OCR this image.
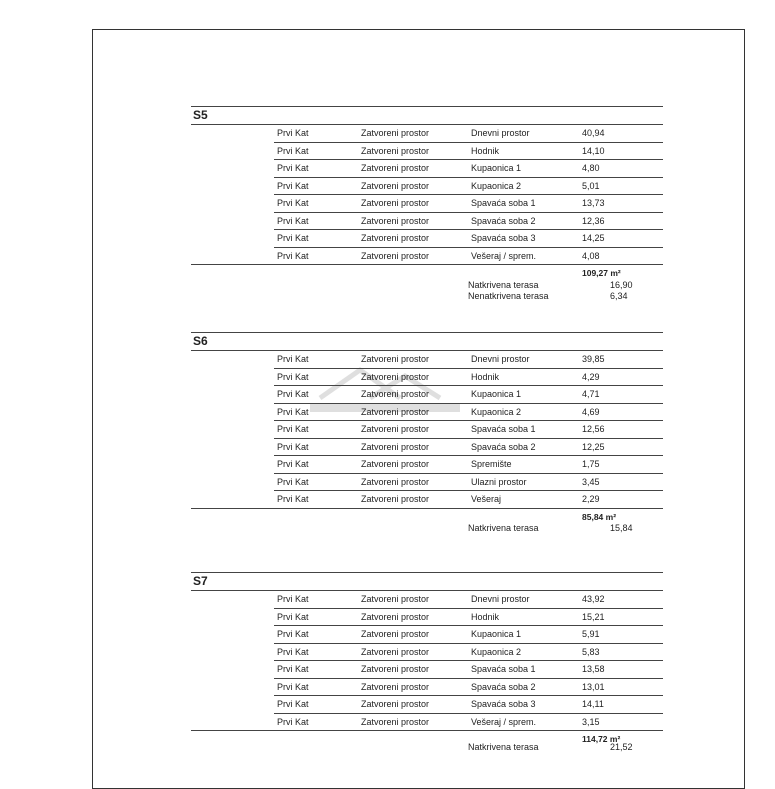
S5
Prvi Kat	Zatvoreni prostor	Dnevni prostor	40,94
Prvi Kat	Zatvoreni prostor	Hodnik	14,10
Prvi Kat	Zatvoreni prostor	Kupaonica 1	4,80
Prvi Kat	Zatvoreni prostor	Kupaonica 2	5,01
Prvi Kat	Zatvoreni prostor	Spavaća soba 1	13,73
Prvi Kat	Zatvoreni prostor	Spavaća soba 2	12,36
Prvi Kat	Zatvoreni prostor	Spavaća soba 3	14,25
Prvi Kat	Zatvoreni prostor	Vešeraj / sprem.	4,08
109,27 m²
Natkrivena terasa	16,90
Nenatkrivena terasa	6,34
S6
Prvi Kat	Zatvoreni prostor	Dnevni prostor	39,85
Prvi Kat	Zatvoreni prostor	Hodnik	4,29
Prvi Kat	Zatvoreni prostor	Kupaonica 1	4,71
Prvi Kat	Zatvoreni prostor	Kupaonica 2	4,69
Prvi Kat	Zatvoreni prostor	Spavaća soba 1	12,56
Prvi Kat	Zatvoreni prostor	Spavaća soba 2	12,25
Prvi Kat	Zatvoreni prostor	Spremište	1,75
Prvi Kat	Zatvoreni prostor	Ulazni prostor	3,45
Prvi Kat	Zatvoreni prostor	Vešeraj	2,29
85,84 m²
Natkrivena terasa	15,84
S7
Prvi Kat	Zatvoreni prostor	Dnevni prostor	43,92
Prvi Kat	Zatvoreni prostor	Hodnik	15,21
Prvi Kat	Zatvoreni prostor	Kupaonica 1	5,91
Prvi Kat	Zatvoreni prostor	Kupaonica 2	5,83
Prvi Kat	Zatvoreni prostor	Spavaća soba 1	13,58
Prvi Kat	Zatvoreni prostor	Spavaća soba 2	13,01
Prvi Kat	Zatvoreni prostor	Spavaća soba 3	14,11
Prvi Kat	Zatvoreni prostor	Vešeraj / sprem.	3,15
114,72 m²
Natkrivena terasa	21,52
